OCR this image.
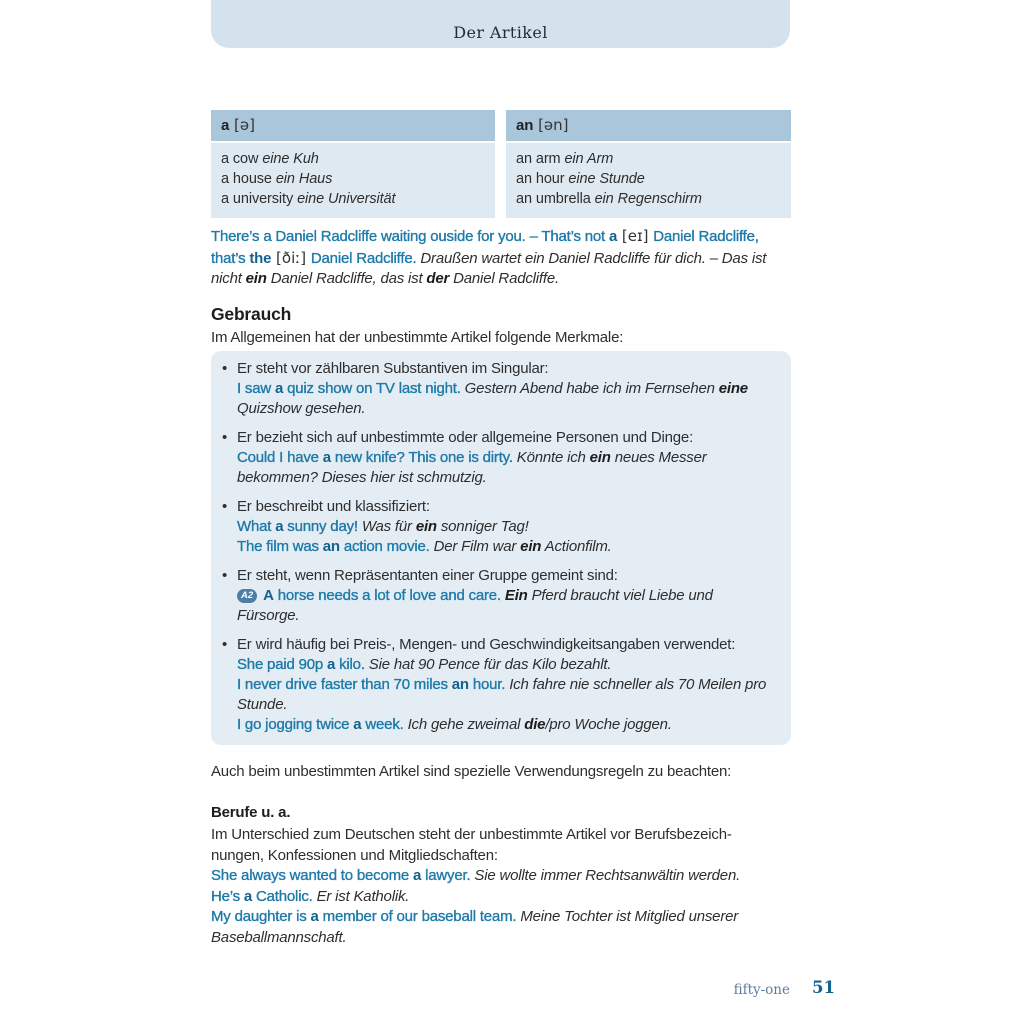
Der Artikel
a [ə]
a cow eine Kuh
a house ein Haus
a university eine Universität
an [ən]
an arm ein Arm
an hour eine Stunde
an umbrella ein Regenschirm
There’s a Daniel Radcliffe waiting ouside for you. – That’s not a [eɪ] Daniel Radcliffe, that’s the [ðiː] Daniel Radcliffe. Draußen wartet ein Daniel Radcliffe für dich. – Das ist nicht ein Daniel Radcliffe, das ist der Daniel Radcliffe.
Gebrauch
Im Allgemeinen hat der unbestimmte Artikel folgende Merkmale:
• Er steht vor zählbaren Substantiven im Singular:
I saw a quiz show on TV last night. Gestern Abend habe ich im Fernsehen eine Quizshow gesehen.
• Er bezieht sich auf unbestimmte oder allgemeine Personen und Dinge:
Could I have a new knife? This one is dirty. Könnte ich ein neues Messer bekommen? Dieses hier ist schmutzig.
• Er beschreibt und klassifiziert:
What a sunny day! Was für ein sonniger Tag!
The film was an action movie. Der Film war ein Actionfilm.
• Er steht, wenn Repräsentanten einer Gruppe gemeint sind:
A2 A horse needs a lot of love and care. Ein Pferd braucht viel Liebe und Fürsorge.
• Er wird häufig bei Preis-, Mengen- und Geschwindigkeitsangaben verwendet:
She paid 90p a kilo. Sie hat 90 Pence für das Kilo bezahlt.
I never drive faster than 70 miles an hour. Ich fahre nie schneller als 70 Meilen pro Stunde.
I go jogging twice a week. Ich gehe zweimal die/pro Woche joggen.
Auch beim unbestimmten Artikel sind spezielle Verwendungsregeln zu beachten:
Berufe u. a.
Im Unterschied zum Deutschen steht der unbestimmte Artikel vor Berufsbezeich-
nungen, Konfessionen und Mitgliedschaften:
She always wanted to become a lawyer. Sie wollte immer Rechtsanwältin werden.
He’s a Catholic. Er ist Katholik.
My daughter is a member of our baseball team. Meine Tochter ist Mitglied unserer Baseballmannschaft.
fifty-one 51
